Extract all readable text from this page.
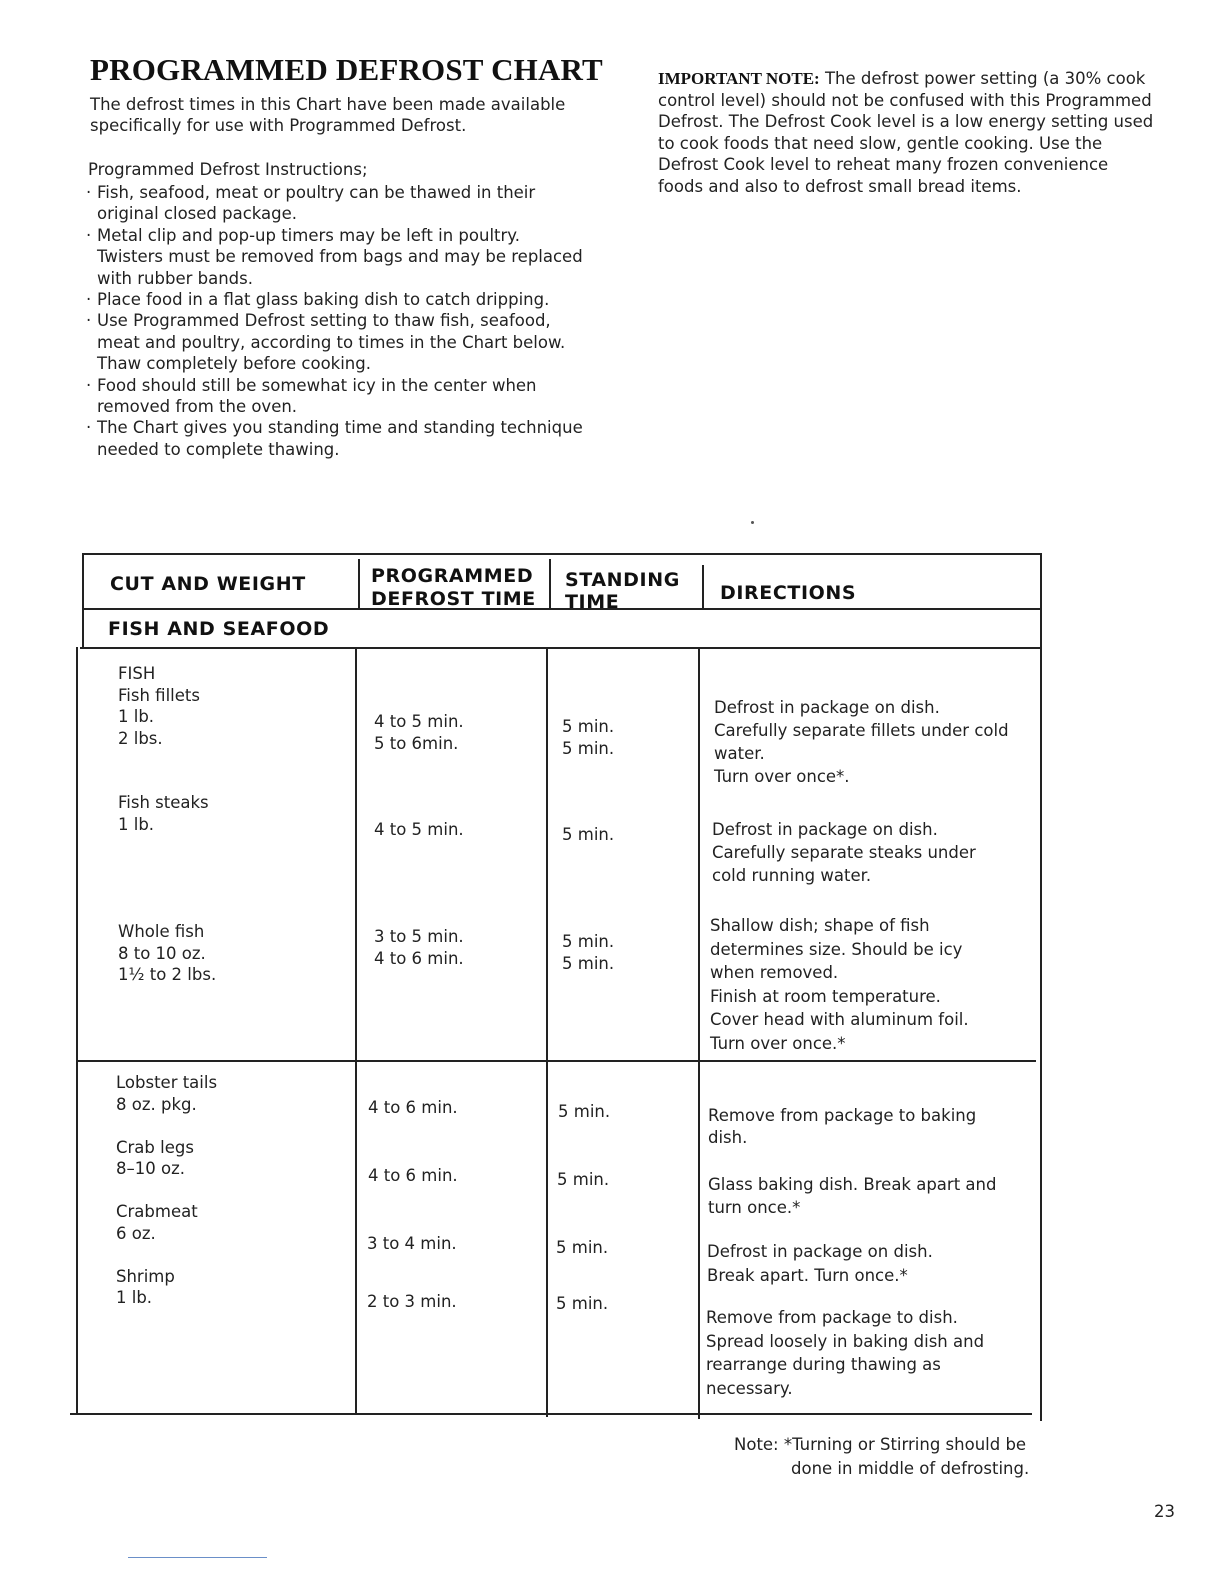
PROGRAMMED DEFROST CHART
The defrost times in this Chart have been made available specifically for use with Programmed Defrost.
Programmed Defrost Instructions;
· Fish, seafood, meat or poultry can be thawed in their original closed package.
· Metal clip and pop-up timers may be left in poultry. Twisters must be removed from bags and may be replaced with rubber bands.
· Place food in a flat glass baking dish to catch dripping.
· Use Programmed Defrost setting to thaw fish, seafood, meat and poultry, according to times in the Chart below. Thaw completely before cooking.
· Food should still be somewhat icy in the center when removed from the oven.
· The Chart gives you standing time and standing technique needed to complete thawing.
IMPORTANT NOTE: The defrost power setting (a 30% cook control level) should not be confused with this Programmed Defrost. The Defrost Cook level is a low energy setting used to cook foods that need slow, gentle cooking. Use the Defrost Cook level to reheat many frozen convenience foods and also to defrost small bread items.
CUT AND WEIGHT	PROGRAMMED
DEFROST TIME
STANDING
TIME	DIRECTIONS
FISH AND SEAFOOD
FISH
Fish fillets
1 lb.
2 lbs.

Fish steaks
1 lb.

Whole fish
8 to 10 oz.
1½ to 2 lbs.
4 to 5 min.
5 to 6min.

4 to 5 min.

3 to 5 min.
4 to 6 min.
5 min.
5 min.

5 min.

5 min.
5 min.
Defrost in package on dish.
Carefully separate fillets under cold water.
Turn over once*.
Defrost in package on dish.
Carefully separate steaks under cold running water.
Shallow dish; shape of fish determines size. Should be icy when removed.
Finish at room temperature.
Cover head with aluminum foil.
Turn over once.*
Lobster tails
8 oz. pkg.

Crab legs
8–10 oz.

Crabmeat
6 oz.

Shrimp
1 lb.
4 to 6 min.
4 to 6 min.
3 to 4 min.
2 to 3 min.
5 min.
5 min.
5 min.
5 min.
Remove from package to baking dish.
Glass baking dish. Break apart and turn once.*
Defrost in package on dish.
Break apart. Turn once.*
Remove from package to dish.
Spread loosely in baking dish and rearrange during thawing as necessary.
Note: *Turning or Stirring should be
done in middle of defrosting.
23
